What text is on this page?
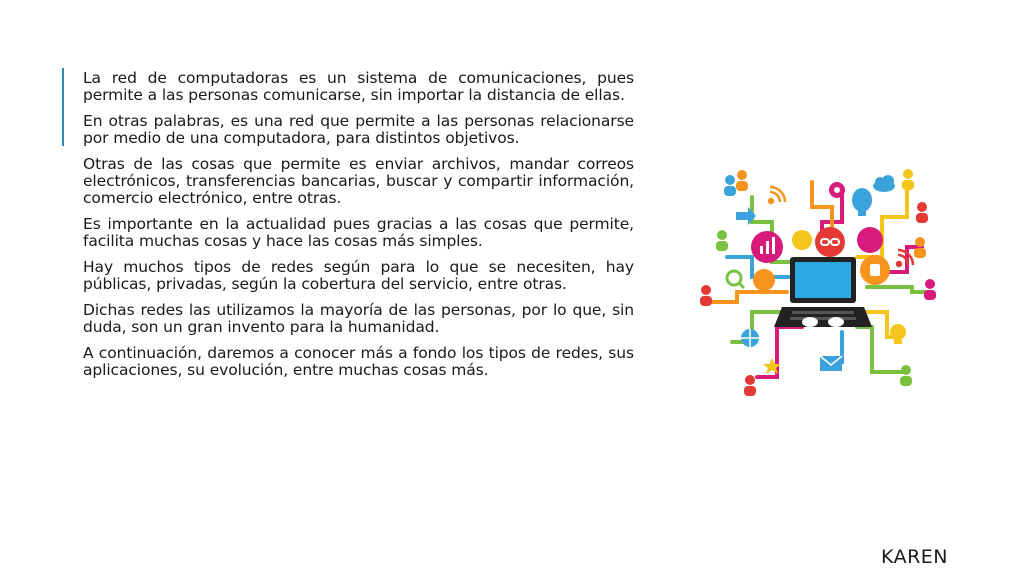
La red de computadoras es un sistema de comunicaciones, pues permite a las personas comunicarse, sin importar la distancia de ellas.

En otras palabras, es una red que permite a las personas relacionarse por medio de una computadora, para distintos objetivos.

Otras de las cosas que permite es enviar archivos, mandar correos electrónicos, transferencias bancarias, buscar y compartir información, comercio electrónico, entre otras.

Es importante en la actualidad pues gracias a las cosas que permite, facilita muchas cosas y hace las cosas más simples.

Hay muchos tipos de redes según para lo que se necesiten, hay públicas, privadas, según la cobertura del servicio, entre otras.

Dichas redes las utilizamos la mayoría de las personas, por lo que, sin duda, son un gran invento para la humanidad.

A continuación, daremos a conocer más a fondo los tipos de redes, sus aplicaciones, su evolución, entre muchas cosas más.

KAREN
